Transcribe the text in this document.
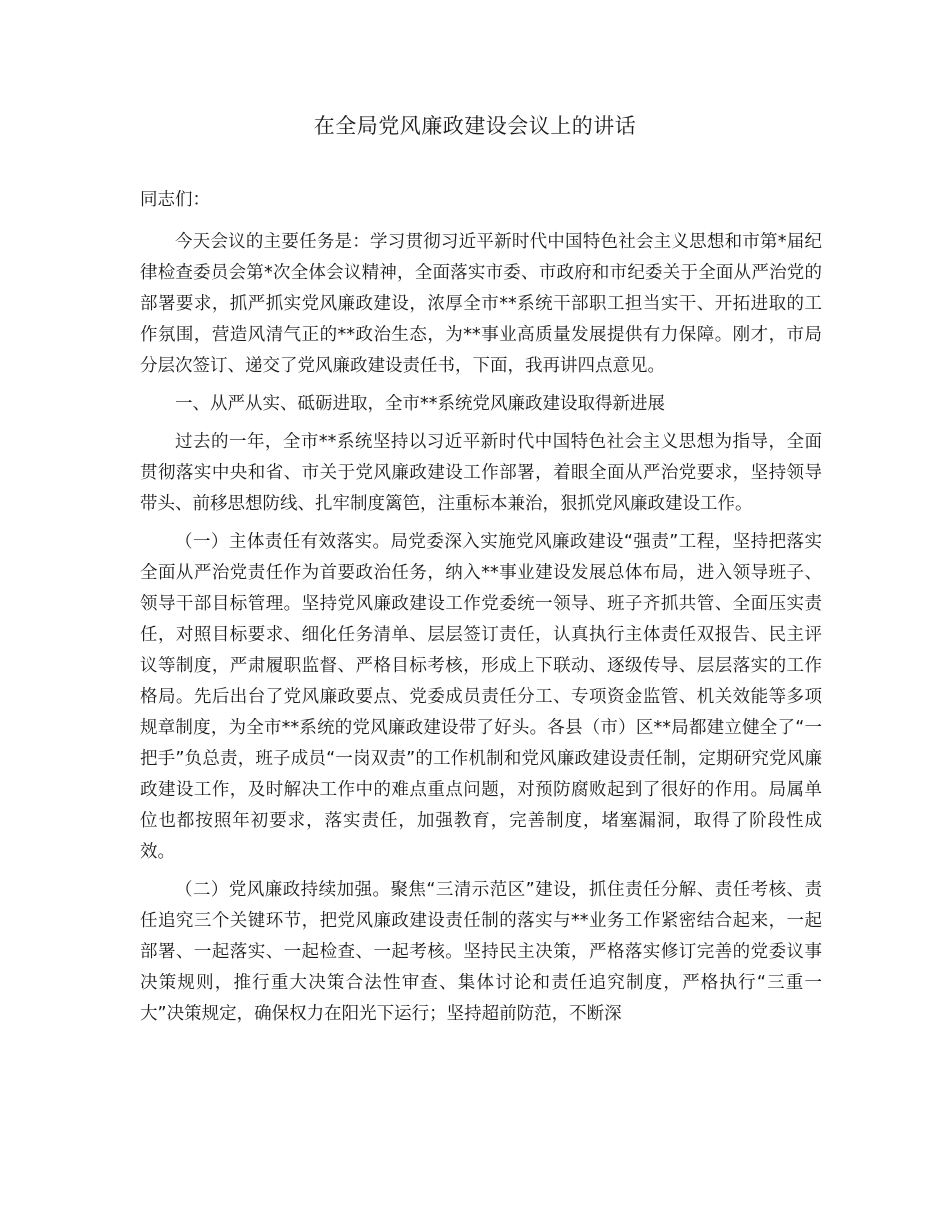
在全局党风廉政建设会议上的讲话

同志们：

今天会议的主要任务是：学习贯彻习近平新时代中国特色社会主义思想和市第*届纪律检查委员会第*次全体会议精神，全面落实市委、市政府和市纪委关于全面从严治党的部署要求，抓严抓实党风廉政建设，浓厚全市**系统干部职工担当实干、开拓进取的工作氛围，营造风清气正的**政治生态，为**事业高质量发展提供有力保障。刚才，市局分层次签订、递交了党风廉政建设责任书，下面，我再讲四点意见。

一、从严从实、砥砺进取，全市**系统党风廉政建设取得新进展

过去的一年，全市**系统坚持以习近平新时代中国特色社会主义思想为指导，全面贯彻落实中央和省、市关于党风廉政建设工作部署，着眼全面从严治党要求，坚持领导带头、前移思想防线、扎牢制度篱笆，注重标本兼治，狠抓党风廉政建设工作。

（一）主体责任有效落实。局党委深入实施党风廉政建设“强责”工程，坚持把落实全面从严治党责任作为首要政治任务，纳入**事业建设发展总体布局，进入领导班子、领导干部目标管理。坚持党风廉政建设工作党委统一领导、班子齐抓共管、全面压实责任，对照目标要求、细化任务清单、层层签订责任，认真执行主体责任双报告、民主评议等制度，严肃履职监督、严格目标考核，形成上下联动、逐级传导、层层落实的工作格局。先后出台了党风廉政要点、党委成员责任分工、专项资金监管、机关效能等多项规章制度，为全市**系统的党风廉政建设带了好头。各县（市）区**局都建立健全了“一把手”负总责，班子成员“一岗双责”的工作机制和党风廉政建设责任制，定期研究党风廉政建设工作，及时解决工作中的难点重点问题，对预防腐败起到了很好的作用。局属单位也都按照年初要求，落实责任，加强教育，完善制度，堵塞漏洞，取得了阶段性成效。

（二）党风廉政持续加强。聚焦“三清示范区”建设，抓住责任分解、责任考核、责任追究三个关键环节，把党风廉政建设责任制的落实与**业务工作紧密结合起来，一起部署、一起落实、一起检查、一起考核。坚持民主决策，严格落实修订完善的党委议事决策规则，推行重大决策合法性审查、集体讨论和责任追究制度，严格执行“三重一大”决策规定，确保权力在阳光下运行；坚持超前防范，不断深
